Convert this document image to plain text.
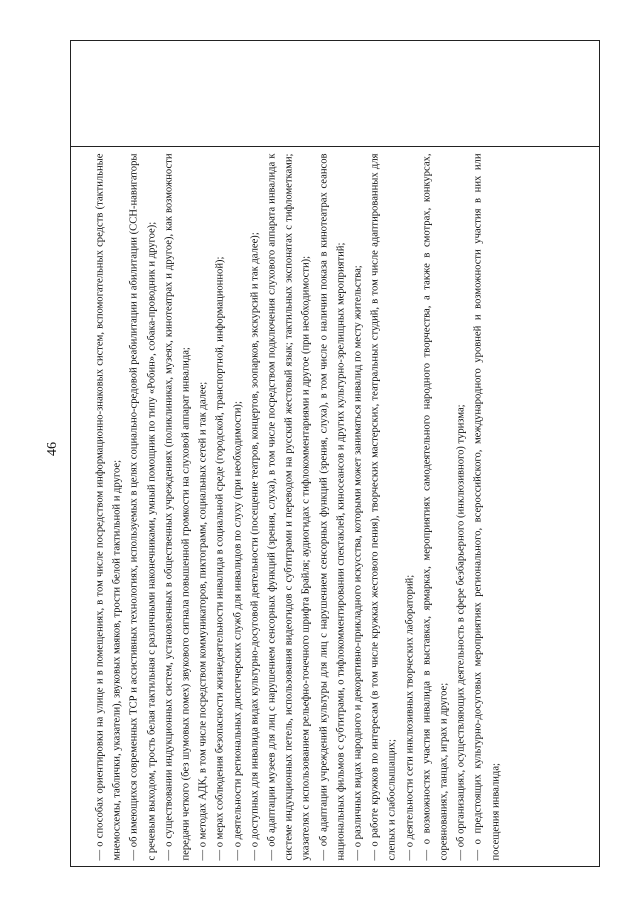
46	— о способах ориентировки на улице и в помещениях, в том числе посредством информационно-знаковых систем, вспомогательных средств (тактильные мнемосхемы, таблички, указатели), звуковых маяков, трости белой тактильной и другое; — об имеющихся современных ТСР и ассистивных технологиях, используемых в целях социально-средовой реабилитации и абилитации (ССН-навигаторы с речевым выходом, трость белая тактильная с различными наконечниками, умный помощник по типу «Робин», собака-проводник и другое); — о существовании индукционных систем, установленных в общественных учреждениях (поликлиниках, музеях, кинотеатрах и другое), как возможности передачи четкого (без шумовых помех) звукового сигнала повышенной громкости на слуховой аппарат инвалида; — о методах АДК, в том числе посредством коммуникаторов, пиктограмм, социальных сетей и так далее; — о мерах соблюдения безопасности жизнедеятельности инвалида в социальной среде (городской, транспортной, информационной); — о деятельности региональных диспетчерских служб для инвалидов по слуху (при необходимости); — о доступных для инвалида видах культурно-досуговой деятельности (посещение театров, концертов, зоопарков, экскурсий и так далее); — об адаптации музеев для лиц с нарушением сенсорных функций (зрения, слуха), в том числе посредством подключения слухового аппарата инвалида к системе индукционных петель, использования видеогидов с субтитрами и переводом на русский жестовый язык; тактильных экспонатах с тифлометками; указателях с использованием рельефно-точечного шрифта Брайля; аудиогидах с тифлокомментариями и другое (при необходимости); — об адаптации учреждений культуры для лиц с нарушением сенсорных функций (зрения, слуха), в том числе о наличии показа в кинотеатрах сеансов национальных фильмов с субтитрами, о тифлокомментировании спектаклей, киносеансов и других культурно-зрелищных мероприятий; — о различных видах народного и декоративно-прикладного искусства, которыми может заниматься инвалид по месту жительства; — о работе кружков по интересам (в том числе кружках жестового пения), творческих мастерских, театральных студий, в том числе адаптированных для слепых и слабослышащих; — о деятельности сети инклюзивных творческих лабораторий; — о возможностях участия инвалида в выставках, ярмарках, мероприятиях самодеятельного народного творчества, а также в смотрах, конкурсах, соревнованиях, танцах, играх и другое; — об организациях, осуществляющих деятельность в сфере безбарьерного (инклюзивного) туризма; — о предстоящих культурно-досуговых мероприятиях регионального, всероссийского, международного уровней и возможности участия в них или посещения инвалида;
